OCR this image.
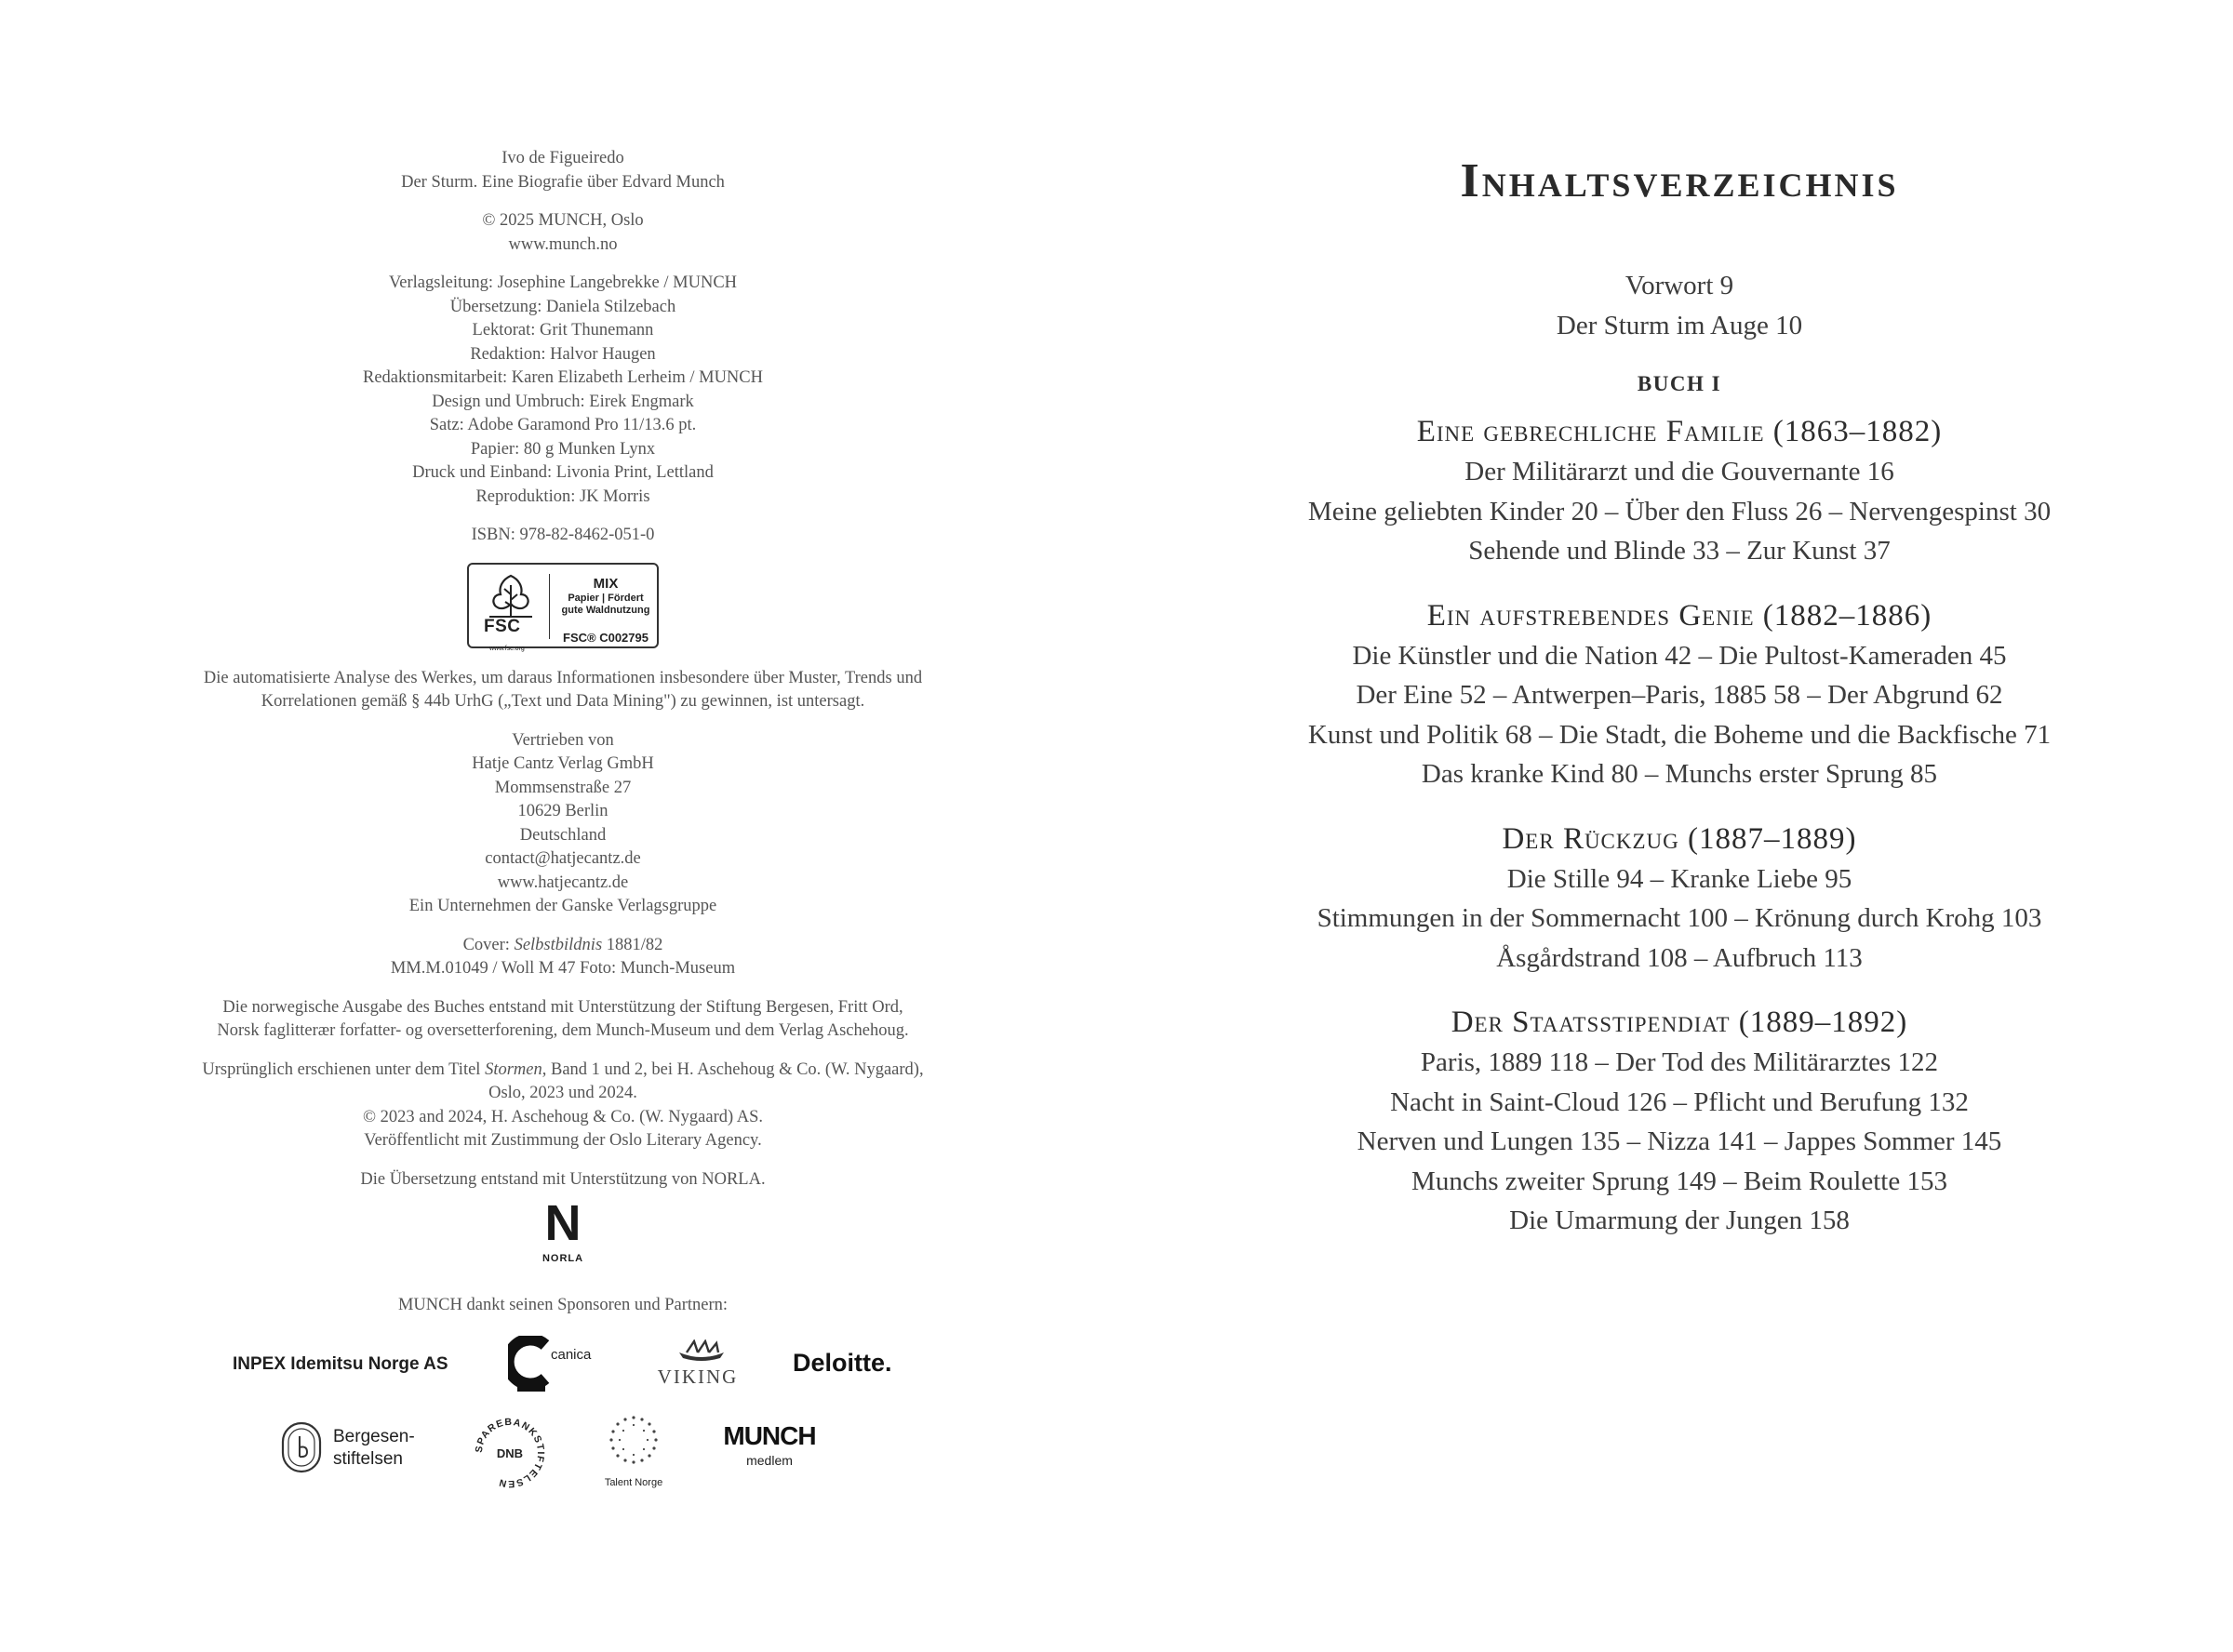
Ivo de Figueiredo
Der Sturm. Eine Biografie über Edvard Munch
© 2025 MUNCH, Oslo
www.munch.no
Verlagsleitung: Josephine Langebrekke / MUNCH
Übersetzung: Daniela Stilzebach
Lektorat: Grit Thunemann
Redaktion: Halvor Haugen
Redaktionsmitarbeit: Karen Elizabeth Lerheim / MUNCH
Design und Umbruch: Eirek Engmark
Satz: Adobe Garamond Pro 11/13.6 pt.
Papier: 80 g Munken Lynx
Druck und Einband: Livonia Print, Lettland
Reproduktion: JK Morris
ISBN: 978-82-8462-051-0
FSC
www.fsc.org
MIX
Papier | Fördert
gute Waldnutzung
FSC® C002795
Die automatisierte Analyse des Werkes, um daraus Informationen insbesondere über Muster, Trends und
Korrelationen gemäß § 44b UrhG („Text und Data Mining") zu gewinnen, ist untersagt.
Vertrieben von
Hatje Cantz Verlag GmbH
Mommsenstraße 27
10629 Berlin
Deutschland
contact@hatjecantz.de
www.hatjecantz.de
Ein Unternehmen der Ganske Verlagsgruppe
Cover: Selbstbildnis 1881/82
MM.M.01049 / Woll M 47 Foto: Munch-Museum
Die norwegische Ausgabe des Buches entstand mit Unterstützung der Stiftung Bergesen, Fritt Ord,
Norsk faglitterær forfatter- og oversetterforening, dem Munch-Museum und dem Verlag Aschehoug.
Ursprünglich erschienen unter dem Titel Stormen, Band 1 und 2, bei H. Aschehoug & Co. (W. Nygaard),
Oslo, 2023 und 2024.
© 2023 and 2024, H. Aschehoug & Co. (W. Nygaard) AS.
Veröffentlicht mit Zustimmung der Oslo Literary Agency.
Die Übersetzung entstand mit Unterstützung von NORLA.
N
NORLA
MUNCH dankt seinen Sponsoren und Partnern:
INPEX Idemitsu Norge AS	canica
VIKING Deloitte.
Bergesen-
stiftelsen
SPAREBANKSTIFTELSEN
DNB
Talent Norge
MUNCH
medlem
Inhaltsverzeichnis
Vorwort 9
Der Sturm im Auge 10
BUCH I
Eine gebrechliche Familie (1863–1882)
Der Militärarzt und die Gouvernante 16
Meine geliebten Kinder 20 – Über den Fluss 26 – Nervengespinst 30
Sehende und Blinde 33 – Zur Kunst 37
Ein aufstrebendes Genie (1882–1886)
Die Künstler und die Nation 42 – Die Pultost-Kameraden 45
Der Eine 52 – Antwerpen–Paris, 1885 58 – Der Abgrund 62
Kunst und Politik 68 – Die Stadt, die Boheme und die Backfische 71
Das kranke Kind 80 – Munchs erster Sprung 85
Der Rückzug (1887–1889)
Die Stille 94 – Kranke Liebe 95
Stimmungen in der Sommernacht 100 – Krönung durch Krohg 103
Åsgårdstrand 108 – Aufbruch 113
Der Staatsstipendiat (1889–1892)
Paris, 1889 118 – Der Tod des Militärarztes 122
Nacht in Saint-Cloud 126 – Pflicht und Berufung 132
Nerven und Lungen 135 – Nizza 141 – Jappes Sommer 145
Munchs zweiter Sprung 149 – Beim Roulette 153
Die Umarmung der Jungen 158
